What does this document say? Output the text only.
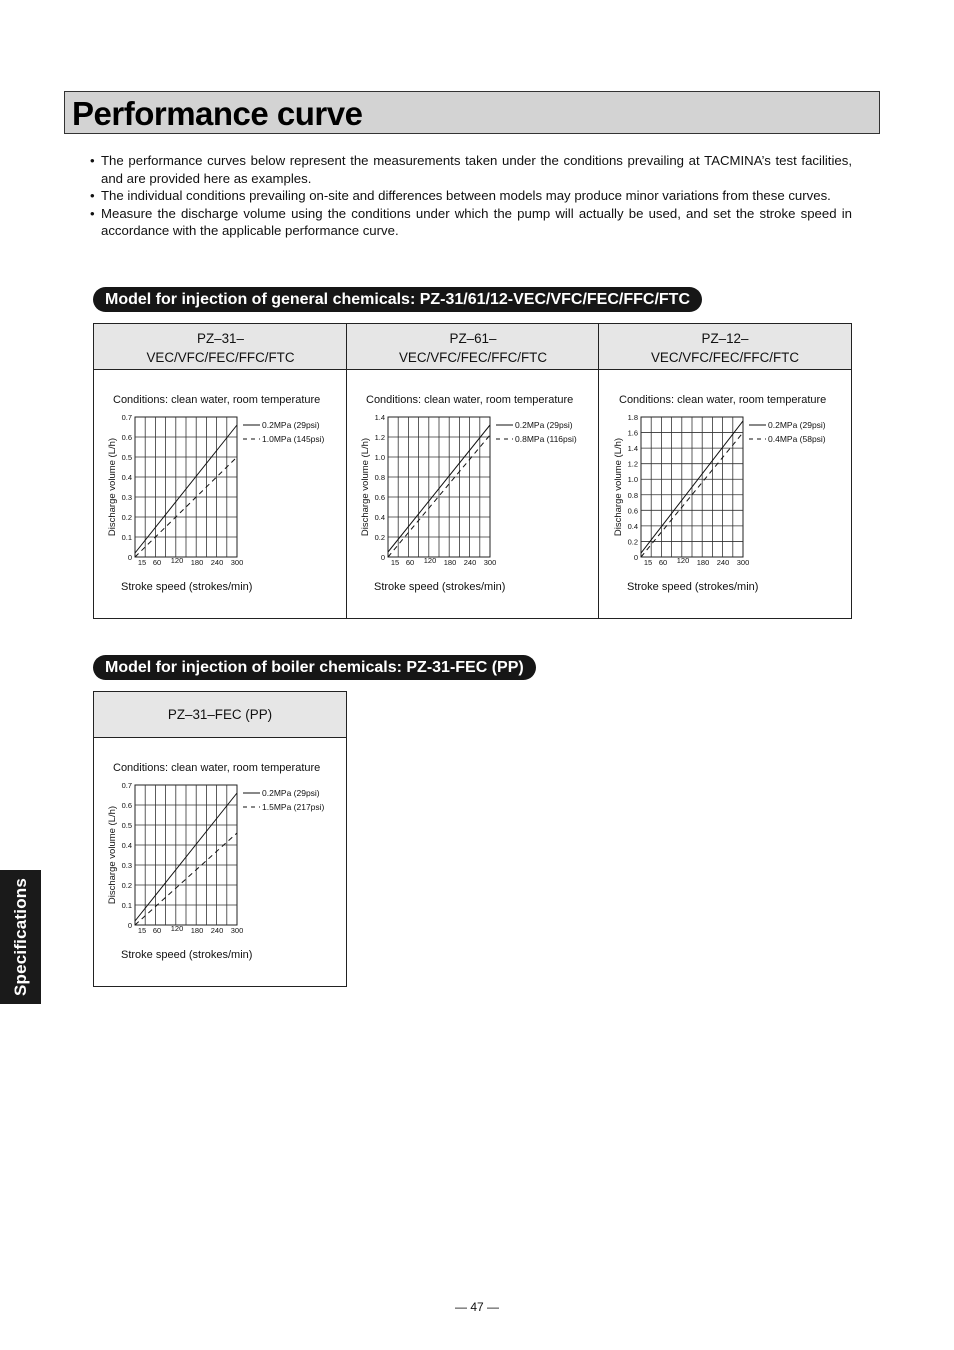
Performance curve
• The performance curves below represent the measurements taken under the conditions prevailing at TACMINA’s test facilities, and are provided here as examples.
• The individual conditions prevailing on-site and differences between models may produce minor variations from these curves.
• Measure the discharge volume using the conditions under which the pump will actually be used, and set the stroke speed in accordance with the applicable performance curve.
Model for injection of general chemicals: PZ-31/61/12-VEC/VFC/FEC/FFC/FTC
PZ–31–
VEC/VFC/FEC/FFC/FTC
PZ–61–
VEC/VFC/FEC/FFC/FTC
PZ–12–
VEC/VFC/FEC/FFC/FTC
Model for injection of boiler chemicals: PZ-31-FEC (PP)
PZ–31–FEC (PP)
Conditions: clean water, room temperature
0
0.1
0.2
0.3
0.4
0.5
0.6
0.7
15 60 120 180 240 300
Discharge volume (L/h)
Stroke speed (strokes/min)
0.2MPa (29psi)
1.0MPa (145psi)
Conditions: clean water, room temperature
0
0.2
0.4
0.6
0.8
1.0
1.2
1.4
15 60 120 180 240 300
Discharge volume (L/h)
Stroke speed (strokes/min)
0.2MPa (29psi)
0.8MPa (116psi)
Conditions: clean water, room temperature
0
0.2
0.4
0.6
0.8
1.0
1.2
1.4
1.6
1.8
15 60 120 180 240 300
Discharge volume (L/h)
Stroke speed (strokes/min)
0.2MPa (29psi)
0.4MPa (58psi)
Conditions: clean water, room temperature
0
0.1
0.2
0.3
0.4
0.5
0.6
0.7
15 60 120 180 240 300
Discharge volume (L/h)
Stroke speed (strokes/min)
0.2MPa (29psi)
1.5MPa (217psi)
Specifications
— 47 —
